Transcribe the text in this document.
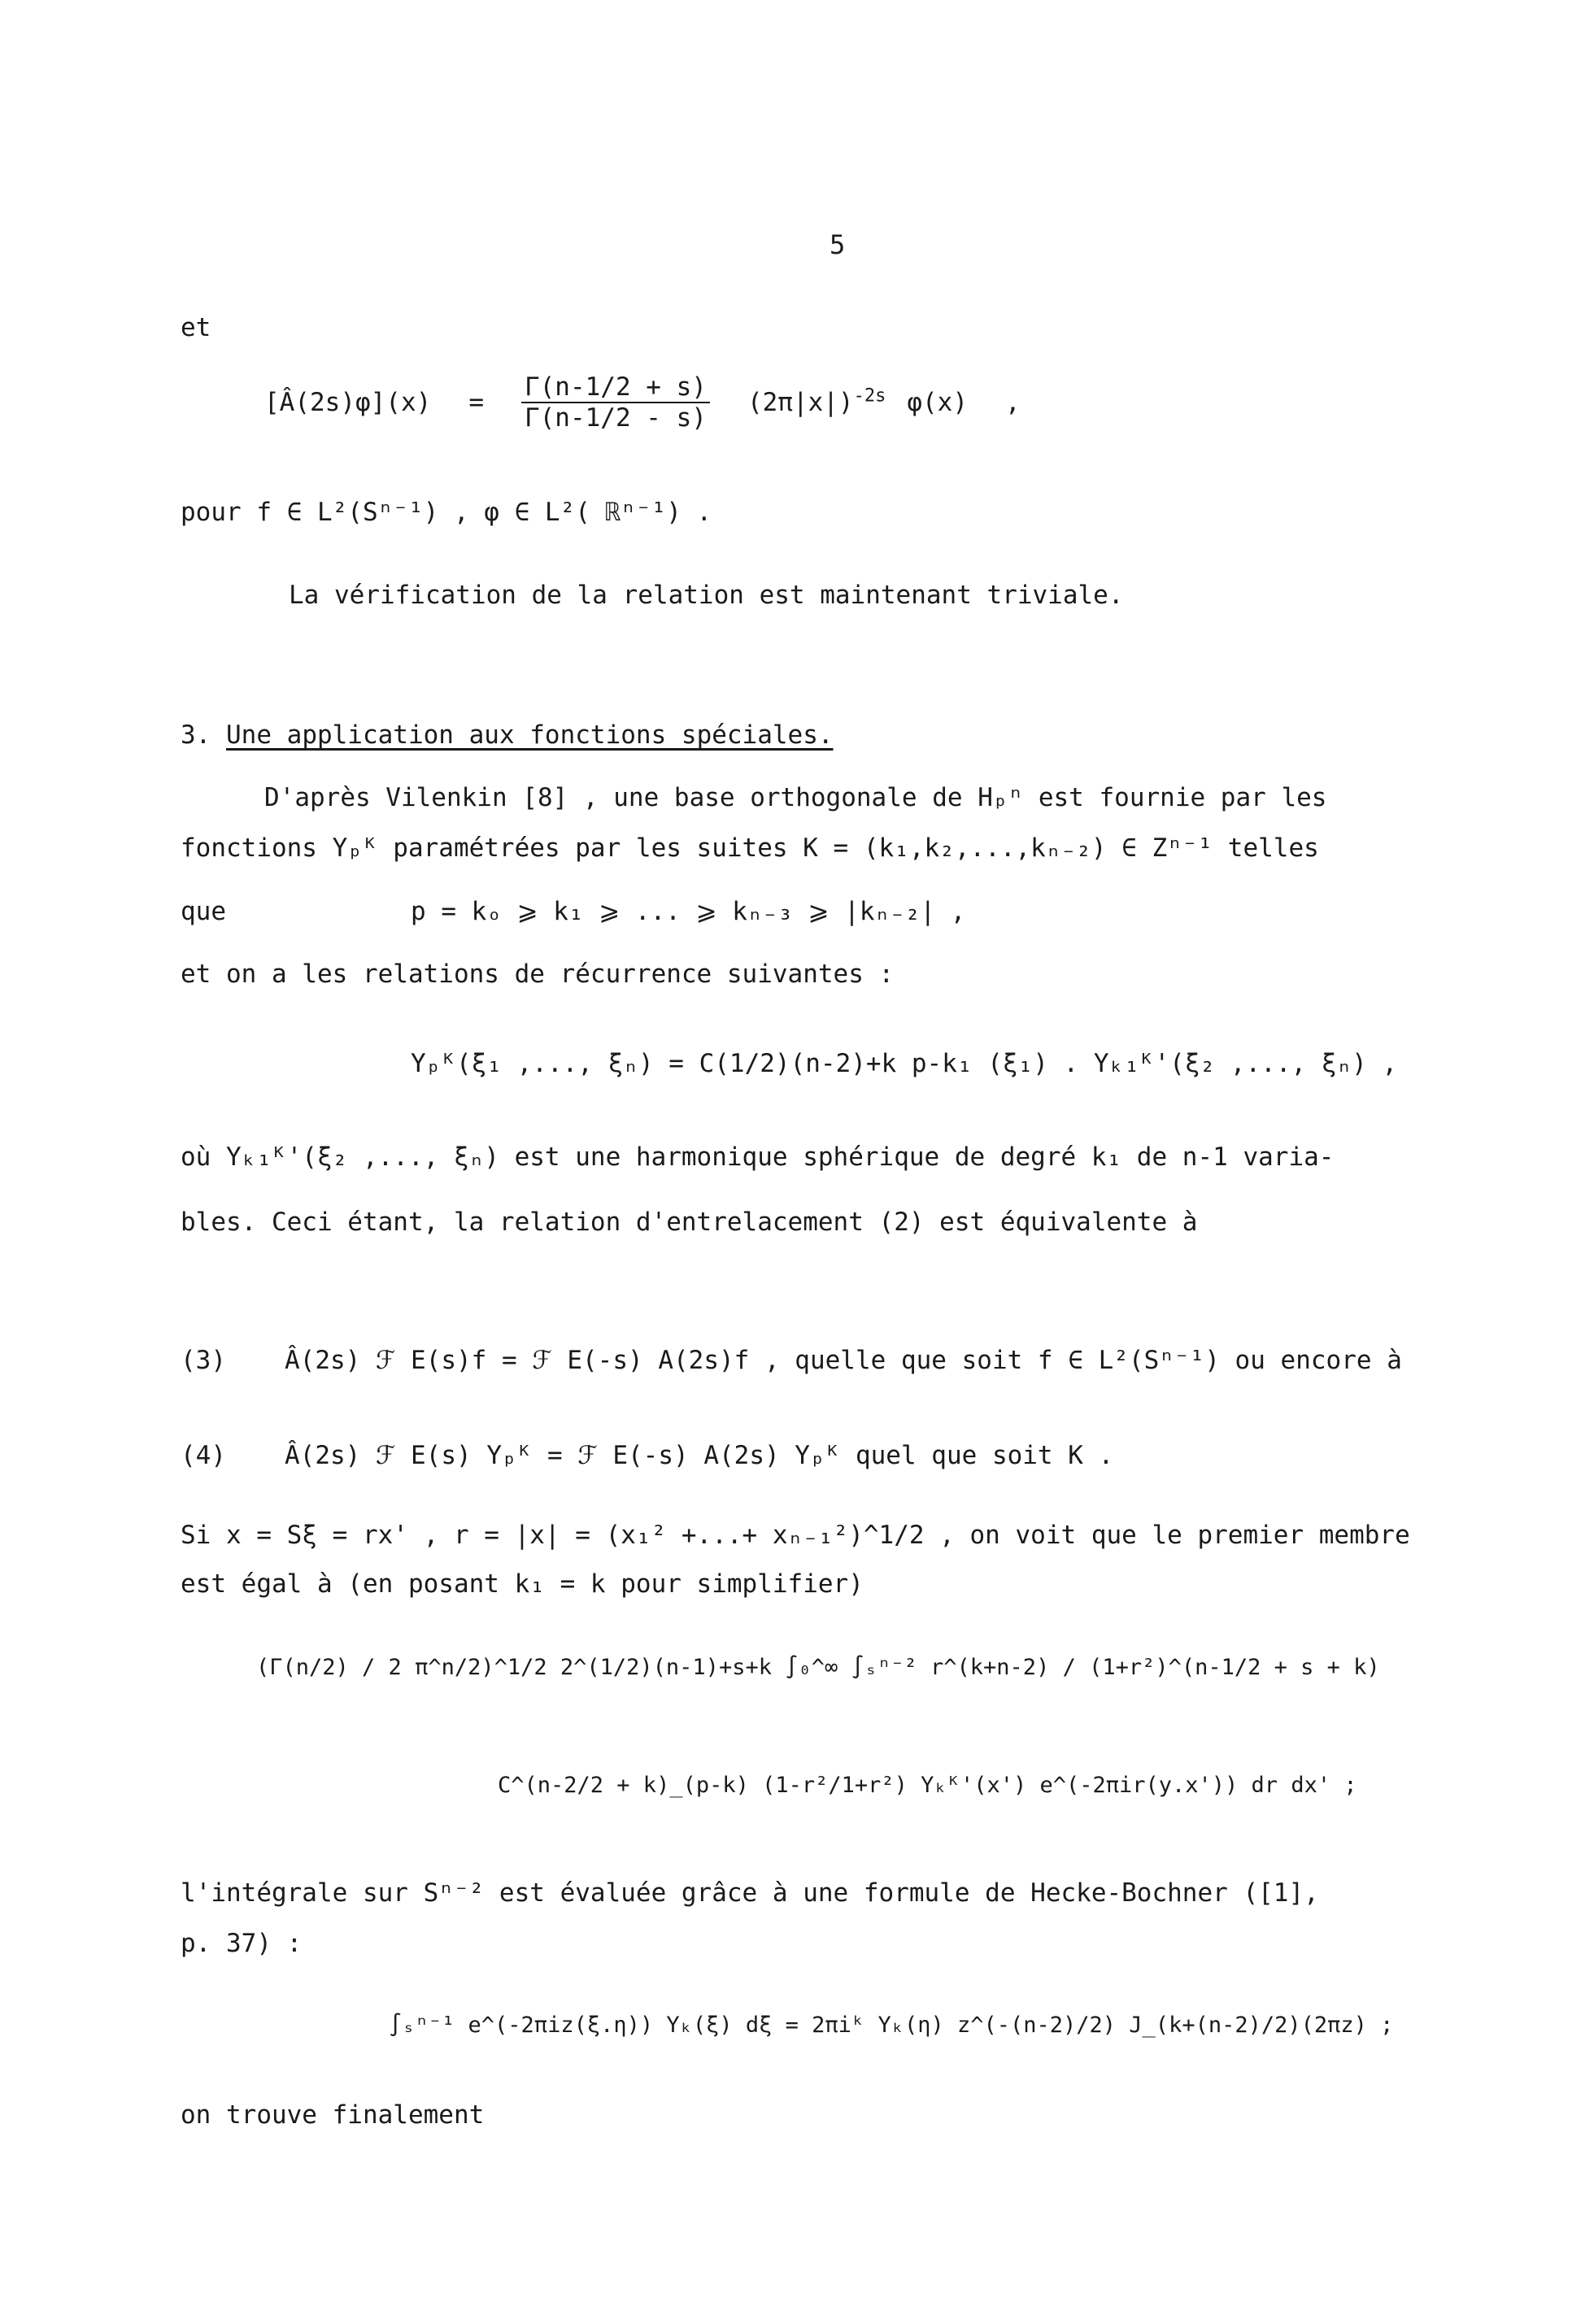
5
et
[Â(2s)φ](x) = $\frac{\Gamma(n-1/2 + s)}{\Gamma(n-1/2 - s)} (2\pi|x|)^{-2s}$ φ(x) ,
pour f ∈ L²(Sⁿ⁻¹) , φ ∈ L²( ℝⁿ⁻¹) .
La vérification de la relation est maintenant triviale.
3. Une application aux fonctions spéciales.
D'après Vilenkin [8] , une base orthogonale de Hₚⁿ est fournie par les
fonctions Yₚᴷ paramétrées par les suites K = (k₁,k₂,...,kₙ₋₂) ∈ Zⁿ⁻¹ telles
que	p = kₒ ⩾ k₁ ⩾ ... ⩾ kₙ₋₃ ⩾ |kₙ₋₂| ,
et on a les relations de récurrence suivantes :
Yₚᴷ(ξ₁ ,..., ξₙ) = C(1/2)(n-2)+k p-k₁ (ξ₁) . Yₖ₁ᴷ'(ξ₂ ,..., ξₙ) ,
où Yₖ₁ᴷ'(ξ₂ ,..., ξₙ) est une harmonique sphérique de degré k₁ de n-1 varia-
bles. Ceci étant, la relation d'entrelacement (2) est équivalente à
(3) Â(2s) ℱ E(s)f = ℱ E(-s) A(2s)f , quelle que soit f ∈ L²(Sⁿ⁻¹) ou encore à
(4) Â(2s) ℱ E(s) Yₚᴷ = ℱ E(-s) A(2s) Yₚᴷ quel que soit K .
Si x = Sξ = rx' , r = |x| = (x₁² +...+ xₙ₋₁²)^1/2 , on voit que le premier membre
est égal à (en posant k₁ = k pour simplifier)
(Γ(n/2) / 2 π^n/2)^1/2 2^(1/2)(n-1)+s+k ∫₀^∞ ∫ₛⁿ⁻² r^(k+n-2) / (1+r²)^(n-1/2 + s + k)
C^(n-2/2 + k)_(p-k) (1-r²/1+r²) Yₖᴷ'(x') e^(-2πir(y.x')) dr dx' ;
l'intégrale sur Sⁿ⁻² est évaluée grâce à une formule de Hecke-Bochner ([1],
p. 37) :
∫ₛⁿ⁻¹ e^(-2πiz(ξ.η)) Yₖ(ξ) dξ = 2πiᵏ Yₖ(η) z^(-(n-2)/2) J_(k+(n-2)/2)(2πz) ;
on trouve finalement
